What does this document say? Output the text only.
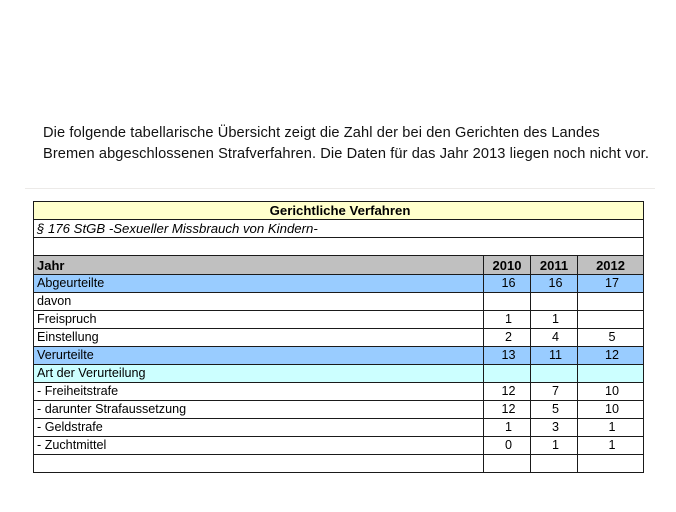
Die folgende tabellarische Übersicht zeigt die Zahl der bei den Gerichten des Landes Bremen abgeschlossenen Strafverfahren. Die Daten für das Jahr 2013 liegen noch nicht vor.

Gerichtliche Verfahren			
§ 176 StGB -Sexueller Missbrauch von Kindern-			

Jahr	2010	2011	2012
Abgeurteilte	16	16	17
davon			
Freispruch	1	1	
Einstellung	2	4	5
Verurteilte	13	11	12
Art der Verurteilung			
- Freiheitstrafe	12	7	10
- darunter Strafaussetzung	12	5	10
- Geldstrafe	1	3	1
- Zuchtmittel	0	1	1
